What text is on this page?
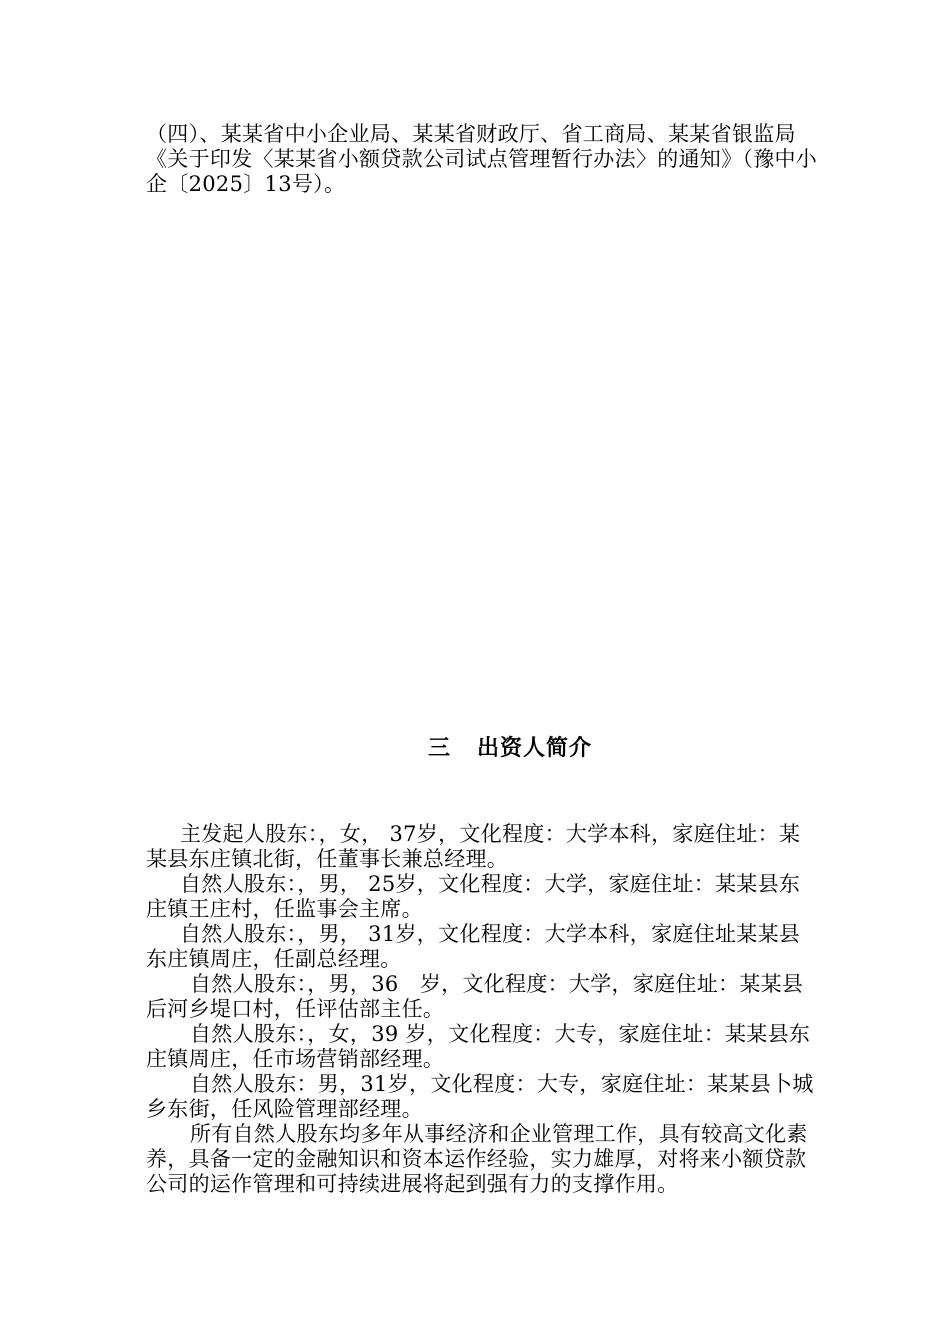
（四）、某某省中小企业局、某某省财政厅、省工商局、某某省银监局《关于印发〈某某省小额贷款公司试点管理暂行办法〉的通知》（豫中小企〔2025〕13号）。

三 出资人简介

主发起人股东：，女， 37岁，文化程度：大学本科，家庭住址：某某县东庄镇北街，任董事长兼总经理。

自然人股东：，男， 25岁，文化程度：大学，家庭住址：某某县东庄镇王庄村，任监事会主席。

自然人股东：，男， 31岁，文化程度：大学本科，家庭住址某某县东庄镇周庄，任副总经理。

自然人股东：，男，36　岁，文化程度：大学，家庭住址：某某县后河乡堤口村，任评估部主任。

自然人股东：，女，39 岁，文化程度：大专，家庭住址：某某县东庄镇周庄，任市场营销部经理。

自然人股东：男，31岁，文化程度：大专，家庭住址：某某县卜城乡东街，任风险管理部经理。

所有自然人股东均多年从事经济和企业管理工作，具有较高文化素养，具备一定的金融知识和资本运作经验，实力雄厚，对将来小额贷款公司的运作管理和可持续进展将起到强有力的支撑作用。
